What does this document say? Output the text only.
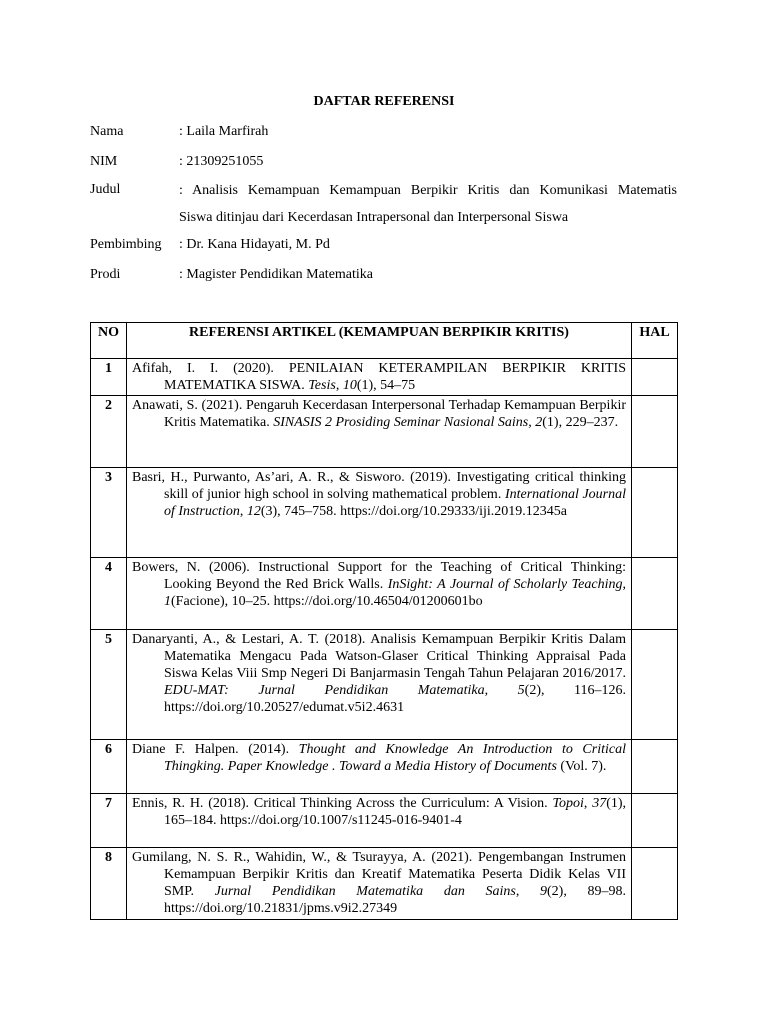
DAFTAR REFERENSI
Nama	: Laila Marfirah
NIM	: 21309251055
Judul	: Analisis Kemampuan Kemampuan Berpikir Kritis dan Komunikasi Matematis
Siswa ditinjau dari Kecerdasan Intrapersonal dan Interpersonal Siswa
Pembimbing : Dr. Kana Hidayati, M. Pd
Prodi	: Magister Pendidikan Matematika
NO	REFERENSI ARTIKEL (KEMAMPUAN BERPIKIR KRITIS)	HAL
1	Afifah, I. I. (2020). PENILAIAN KETERAMPILAN BERPIKIR KRITIS MATEMATIKA SISWA. Tesis, 10(1), 54–75	

2	Anawati, S. (2021). Pengaruh Kecerdasan Interpersonal Terhadap Kemampuan Berpikir Kritis Matematika. SINASIS 2 Prosiding Seminar Nasional Sains, 2(1), 229–237.	

3	Basri, H., Purwanto, As’ari, A. R., & Sisworo. (2019). Investigating critical thinking skill of junior high school in solving mathematical problem. International Journal of Instruction, 12(3), 745–758. https://doi.org/10.29333/iji.2019.12345a	

4	Bowers, N. (2006). Instructional Support for the Teaching of Critical Thinking: Looking Beyond the Red Brick Walls. InSight: A Journal of Scholarly Teaching, 1(Facione), 10–25. https://doi.org/10.46504/01200601bo	

5	Danaryanti, A., & Lestari, A. T. (2018). Analisis Kemampuan Berpikir Kritis Dalam Matematika Mengacu Pada Watson-Glaser Critical Thinking Appraisal Pada Siswa Kelas Viii Smp Negeri Di Banjarmasin Tengah Tahun Pelajaran 2016/2017. EDU-MAT: Jurnal Pendidikan Matematika, 5(2), 116–126. https://doi.org/10.20527/edumat.v5i2.4631	

6	Diane F. Halpen. (2014). Thought and Knowledge An Introduction to Critical Thingking. Paper Knowledge . Toward a Media History of Documents (Vol. 7).	

7	Ennis, R. H. (2018). Critical Thinking Across the Curriculum: A Vision. Topoi, 37(1), 165–184. https://doi.org/10.1007/s11245-016-9401-4	

8	Gumilang, N. S. R., Wahidin, W., & Tsurayya, A. (2021). Pengembangan Instrumen Kemampuan Berpikir Kritis dan Kreatif Matematika Peserta Didik Kelas VII SMP. Jurnal Pendidikan Matematika dan Sains, 9(2), 89–98. https://doi.org/10.21831/jpms.v9i2.27349	
